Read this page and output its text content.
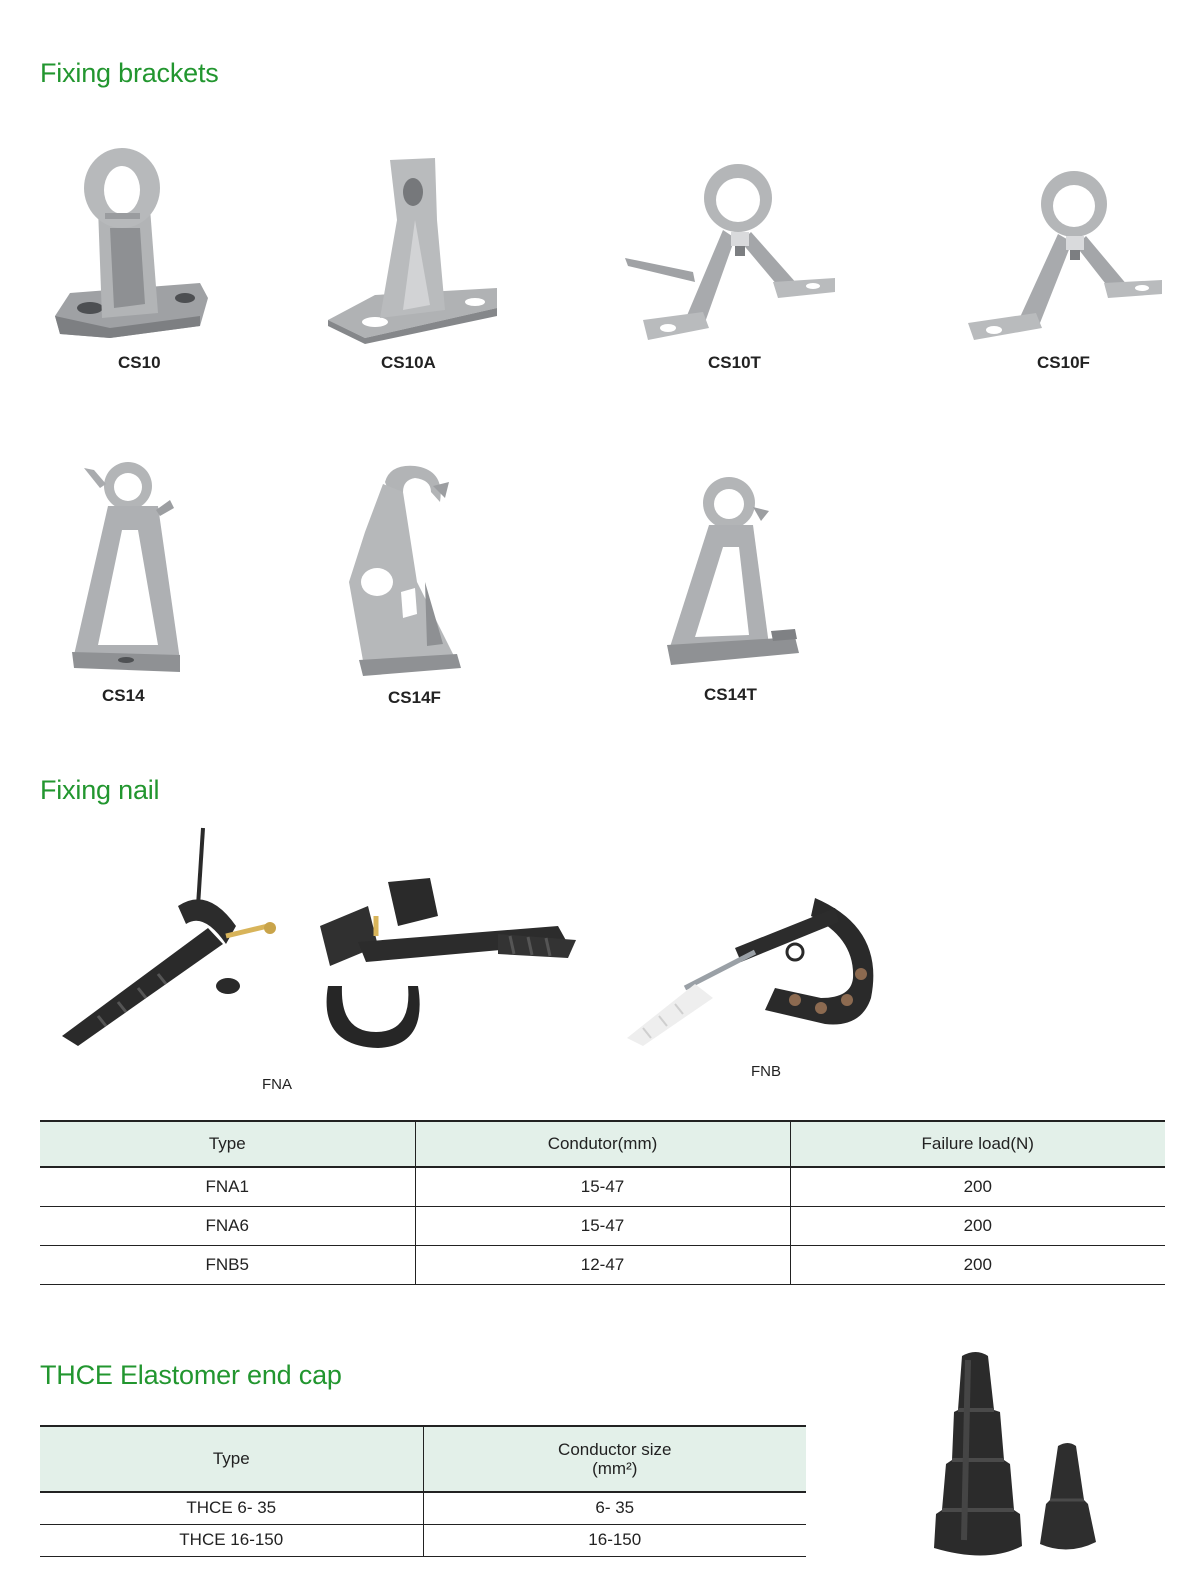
Fixing brackets
CS10	CS10A	CS10T	CS10F
CS14	CS14F	CS14T
Fixing nail
FNA
FNB
Type	Condutor(mm)	Failure load(N)
FNA1	15-47	200
FNA6	15-47	200
FNB5	12-47	200
THCE Elastomer end cap
Type	Conductor size
(mm²)

THCE 6- 35	6- 35
THCE 16-150	16-150
